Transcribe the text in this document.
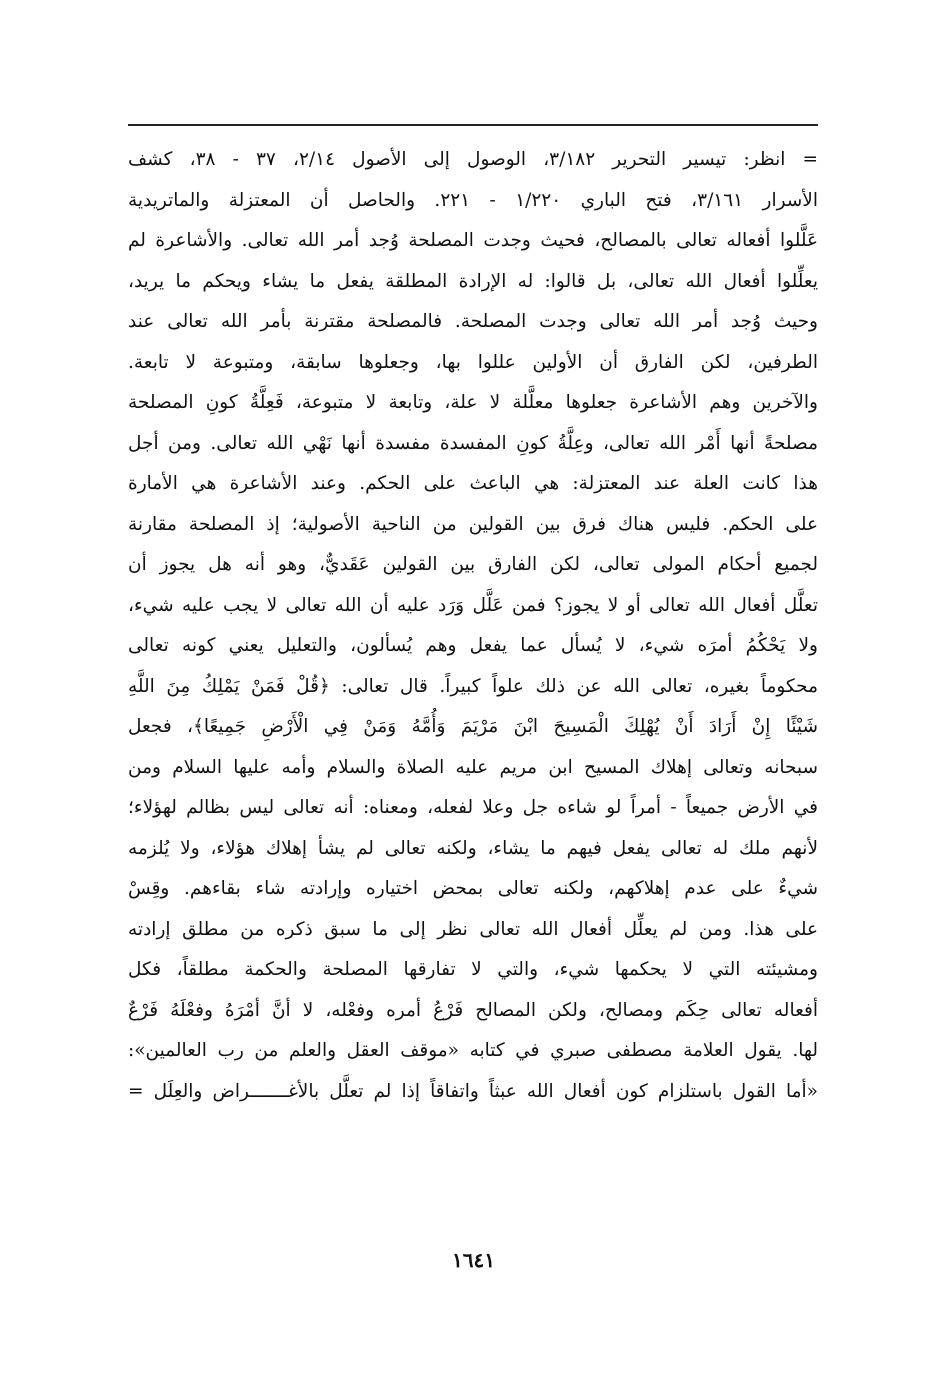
= انظر: تيسير التحرير ٣/١٨٢، الوصول إلى الأصول ٢/١٤، ٣٧ - ٣٨، كشف
الأسرار ٣/١٦١، فتح الباري ١/٢٢٠ - ٢٢١. والحاصل أن المعتزلة والماتريدية
عَلَّلوا أفعاله تعالى بالمصالح، فحيث وجدت المصلحة وُجد أمر الله تعالى. والأشاعرة لم
يعلِّلوا أفعال الله تعالى، بل قالوا: له الإرادة المطلقة يفعل ما يشاء ويحكم ما يريد،
وحيث وُجد أمر الله تعالى وجدت المصلحة. فالمصلحة مقترنة بأمر الله تعالى عند
الطرفين، لكن الفارق أن الأولين عللوا بها، وجعلوها سابقة، ومتبوعة لا تابعة.
والآخرين وهم الأشاعرة جعلوها معلَّلة لا علة، وتابعة لا متبوعة، فَعِلَّةُ كونِ المصلحة
مصلحةً أنها أَمْر الله تعالى، وعِلَّةُ كونِ المفسدة مفسدة أنها نَهْي الله تعالى. ومن أجل
هذا كانت العلة عند المعتزلة: هي الباعث على الحكم. وعند الأشاعرة هي الأمارة
على الحكم. فليس هناك فرق بين القولين من الناحية الأصولية؛ إذ المصلحة مقارنة
لجميع أحكام المولى تعالى، لكن الفارق بين القولين عَقَديٌّ، وهو أنه هل يجوز أن
تعلَّل أفعال الله تعالى أو لا يجوز؟ فمن عَلَّل وَرَد عليه أن الله تعالى لا يجب عليه شيء،
ولا يَحْكُمُ أمرَه شيء، لا يُسأل عما يفعل وهم يُسألون، والتعليل يعني كونه تعالى
محكوماً بغيره، تعالى الله عن ذلك علواً كبيراً. قال تعالى: ﴿قُلْ فَمَنْ يَمْلِكُ مِنَ اللَّهِ
شَيْئًا إِنْ أَرَادَ أَنْ يُهْلِكَ الْمَسِيحَ ابْنَ مَرْيَمَ وَأُمَّهُ وَمَنْ فِي الْأَرْضِ جَمِيعًا﴾، فجعل
سبحانه وتعالى إهلاك المسيح ابن مريم عليه الصلاة والسلام وأمه عليها السلام ومن
في الأرض جميعاً - أمراً لو شاءه جل وعلا لفعله، ومعناه: أنه تعالى ليس بظالم لهؤلاء؛
لأنهم ملك له تعالى يفعل فيهم ما يشاء، ولكنه تعالى لم يشأ إهلاك هؤلاء، ولا يُلزمه
شيءٌ على عدم إهلاكهم، ولكنه تعالى بمحض اختياره وإرادته شاء بقاءهم. وقِسْ
على هذا. ومن لم يعلِّل أفعال الله تعالى نظر إلى ما سبق ذكره من مطلق إرادته
ومشيئته التي لا يحكمها شيء، والتي لا تفارقها المصلحة والحكمة مطلقاً، فكل
أفعاله تعالى حِكَم ومصالح، ولكن المصالح فَرْعُ أمره وفعْله، لا أنَّ أمْرَهُ وفعْلَهُ فَرْعٌ
لها. يقول العلامة مصطفى صبري في كتابه «موقف العقل والعلم من رب العالمين»:
«أما القول باستلزام كون أفعال الله عبثاً واتفاقاً إذا لم تعلَّل بالأغـــــــراض والعِلَل =
١٦٤١
